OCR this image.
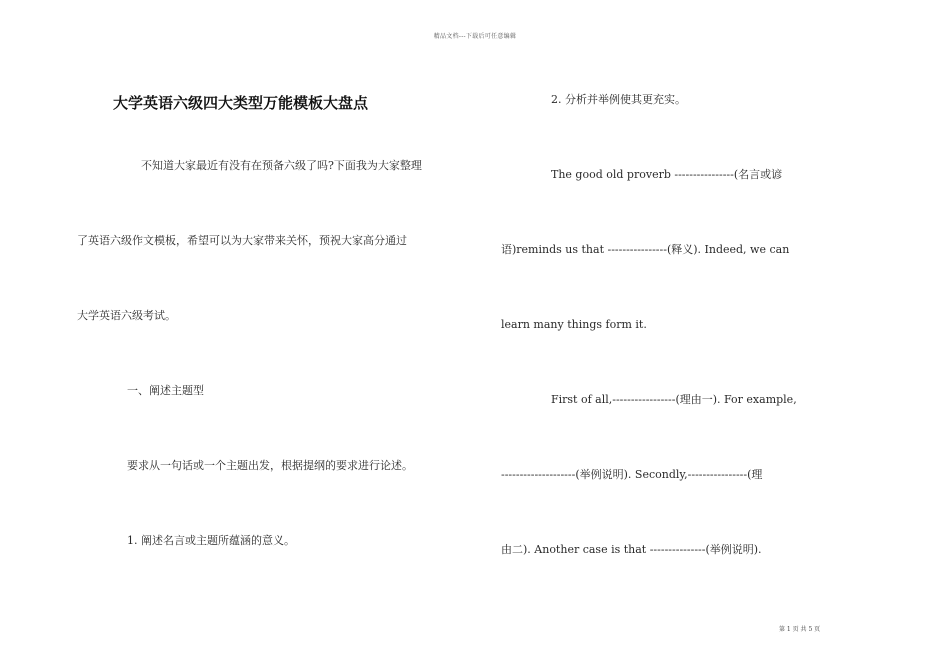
精品文档---下载后可任意编辑
大学英语六级四大类型万能模板大盘点
不知道大家最近有没有在预备六级了吗?下面我为大家整理
了英语六级作文模板，希望可以为大家带来关怀，预祝大家高分通过
大学英语六级考试。
一、阐述主题型
要求从一句话或一个主题出发，根据提纲的要求进行论述。
1. 阐述名言或主题所蕴涵的意义。
2. 分析并举例使其更充实。
The good old proverb ----------------(名言或谚
语)reminds us that ----------------(释义). Indeed, we can
learn many things form it.
First of all,-----------------(理由一). For example,
--------------------(举例说明). Secondly,----------------(理
由二). Another case is that ---------------(举例说明).
第 1 页 共 5 页
